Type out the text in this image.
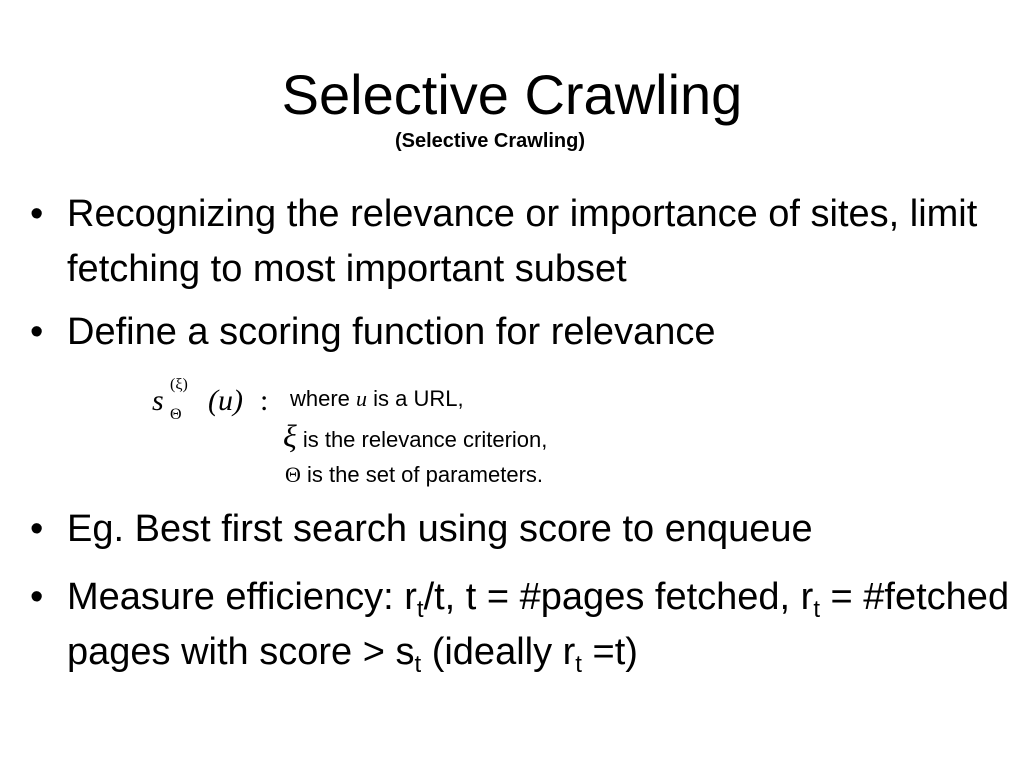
Selective Crawling
(Selective Crawling)
• Recognizing the relevance or importance of sites, limit fetching to most important subset
• Define a scoring function for relevance
s (ξ)
Θ (u) : where u is a URL,
ξ is the relevance criterion,
Θ is the set of parameters.
• Eg. Best first search using score to enqueue
• Measure efficiency: $r_t/t$, t = #pages fetched, $r_t$ = #fetched pages with score > $s_t$ (ideally $r_t =t$)
